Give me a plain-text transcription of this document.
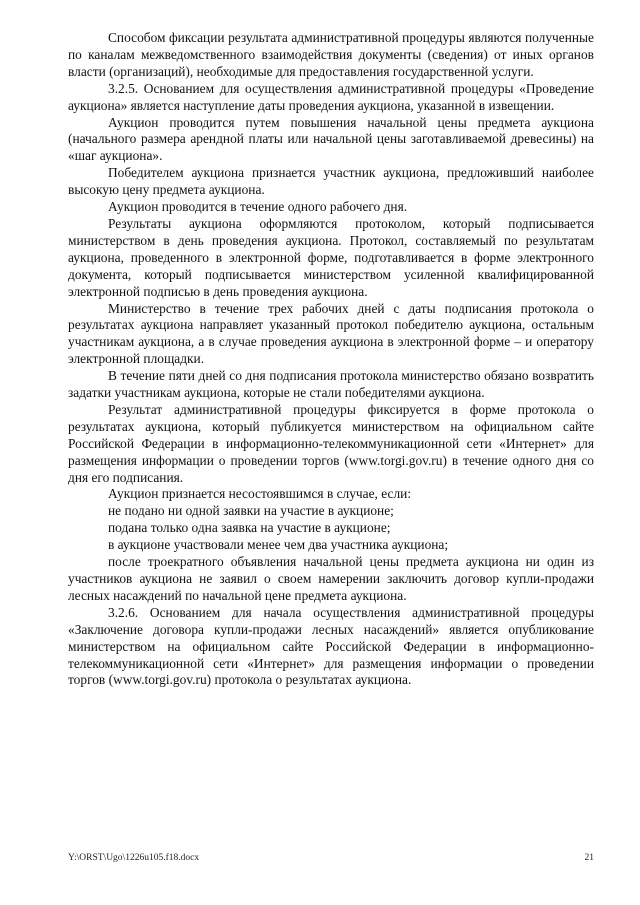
Способом фиксации результата административной процедуры являются полученные по каналам межведомственного взаимодействия документы (сведения) от иных органов власти (организаций), необходимые для предоставления государственной услуги.

3.2.5. Основанием для осуществления административной процедуры «Проведение аукциона» является наступление даты проведения аукциона, указанной в извещении.

Аукцион проводится путем повышения начальной цены предмета аукциона (начального размера арендной платы или начальной цены заготавливаемой древесины) на «шаг аукциона».

Победителем аукциона признается участник аукциона, предложивший наиболее высокую цену предмета аукциона.

Аукцион проводится в течение одного рабочего дня.

Результаты аукциона оформляются протоколом, который подписывается министерством в день проведения аукциона. Протокол, составляемый по результатам аукциона, проведенного в электронной форме, подготавливается в форме электронного документа, который подписывается министерством усиленной квалифицированной электронной подписью в день проведения аукциона.

Министерство в течение трех рабочих дней с даты подписания протокола о результатах аукциона направляет указанный протокол победителю аукциона, остальным участникам аукциона, а в случае проведения аукциона в электронной форме – и оператору электронной площадки.

В течение пяти дней со дня подписания протокола министерство обязано возвратить задатки участникам аукциона, которые не стали победителями аукциона.

Результат административной процедуры фиксируется в форме протокола о результатах аукциона, который публикуется министерством на официальном сайте Российской Федерации в информационно-телекоммуникационной сети «Интернет» для размещения информации о проведении торгов (www.torgi.gov.ru) в течение одного дня со дня его подписания.

Аукцион признается несостоявшимся в случае, если:

не подано ни одной заявки на участие в аукционе;

подана только одна заявка на участие в аукционе;

в аукционе участвовали менее чем два участника аукциона;

после троекратного объявления начальной цены предмета аукциона ни один из участников аукциона не заявил о своем намерении заключить договор купли-продажи лесных насаждений по начальной цене предмета аукциона.

3.2.6. Основанием для начала осуществления административной процедуры «Заключение договора купли-продажи лесных насаждений» является опубликование министерством на официальном сайте Российской Федерации в информационно-телекоммуникационной сети «Интернет» для размещения информации о проведении торгов (www.torgi.gov.ru) протокола о результатах аукциона.

Y:\ORST\Ugo\1226u105.f18.docx	21
